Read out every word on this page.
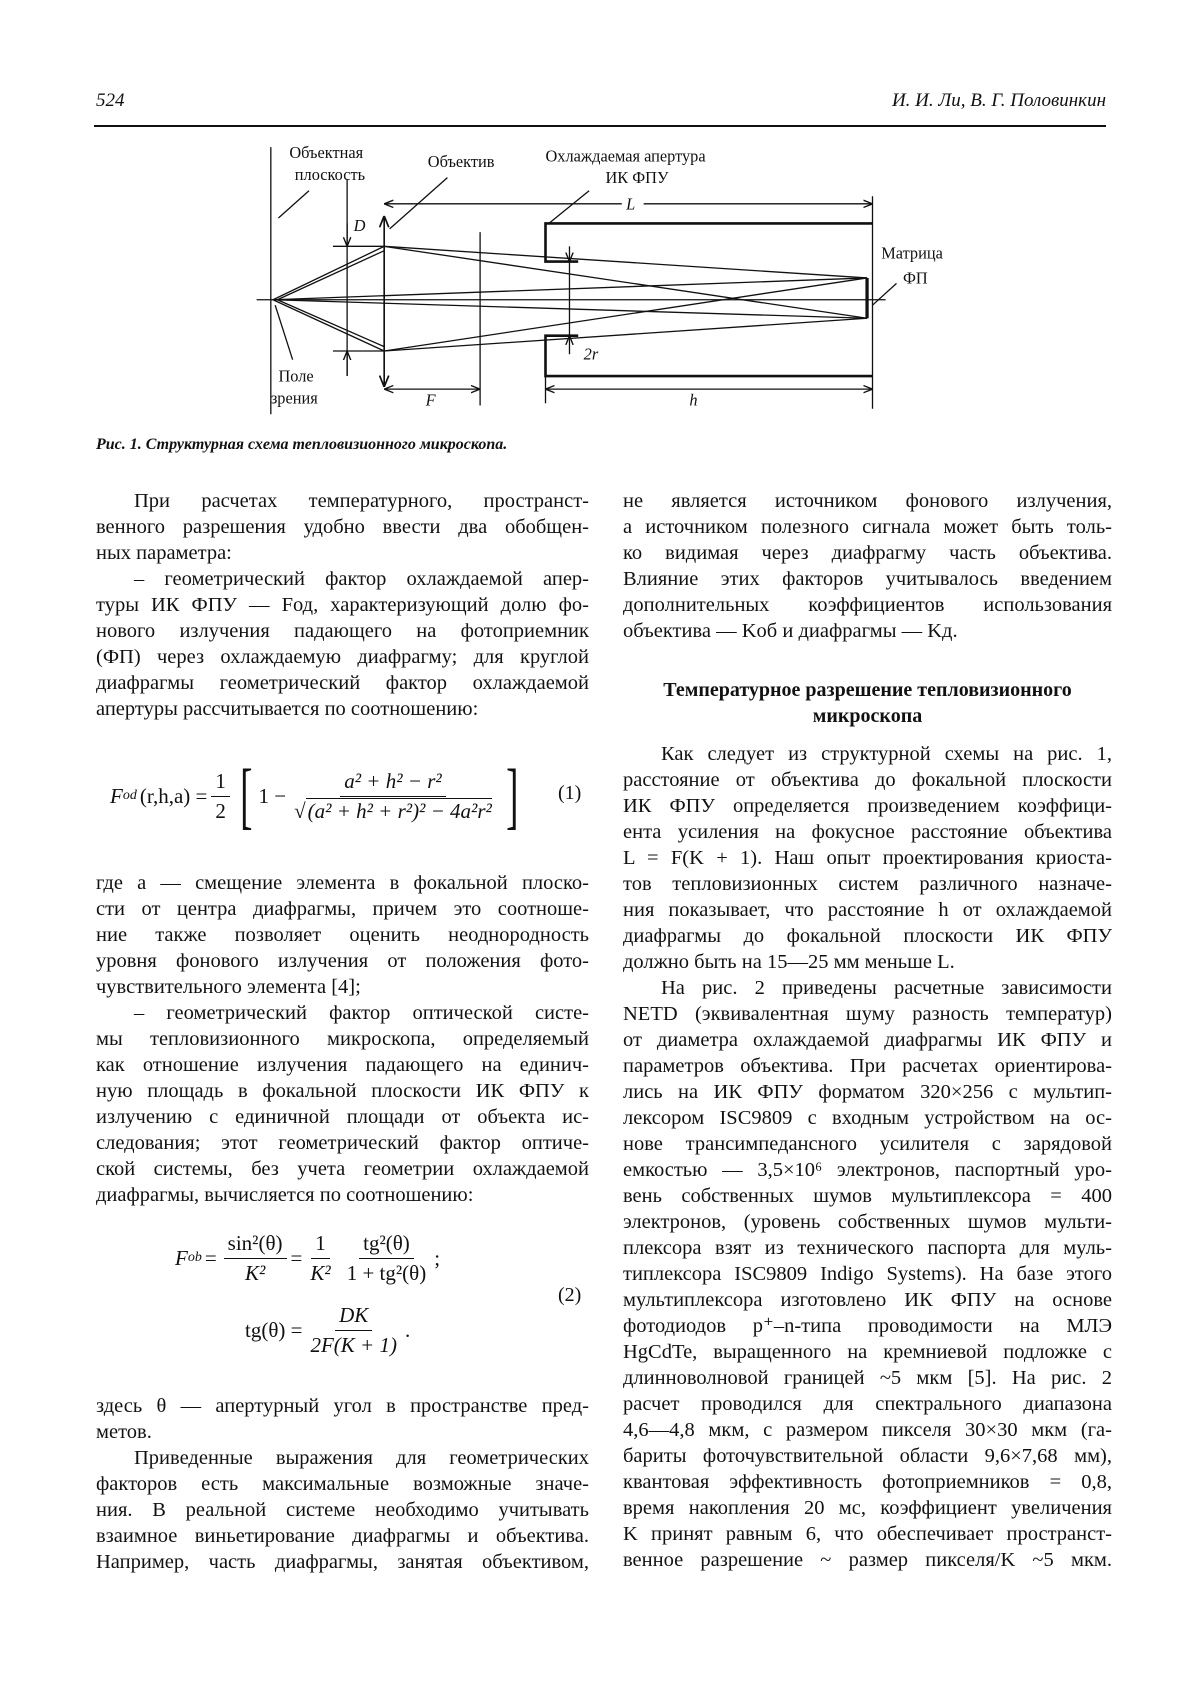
524	И. И. Ли, В. Г. Половинкин
Объектная
плоскость
Объектив	Охлаждаемая апертура
ИК ФПУ
Матрица
ФП
Поле
зрения
D
L
F	h
2r
Рис. 1. Структурная схема тепловизионного микроскопа.
При расчетах температурного, пространст-
венного разрешения удобно ввести два обобщен-
ных параметра:
– геометрический фактор охлаждаемой апер-
туры ИК ФПУ — Fод, характеризующий долю фо-
нового излучения падающего на фотоприемник
(ФП) через охлаждаемую диафрагму; для круглой
диафрагмы геометрический фактор охлаждаемой
апертуры рассчитывается по соотношению:
F od $(r,h,a) = \frac{1}{2}$ [ $1 - \frac{\text{a² + h² − r²}}{\text{√(a² + h² + r²)² − 4a²r²}}$ ] (1)
где a — смещение элемента в фокальной плоско-
сти от центра диафрагмы, причем это соотноше-
ние также позволяет оценить неоднородность
уровня фонового излучения от положения фото-
чувствительного элемента [4];
– геометрический фактор оптической систе-
мы тепловизионного микроскопа, определяемый
как отношение излучения падающего на единич-
ную площадь в фокальной плоскости ИК ФПУ к
излучению с единичной площади от объекта ис-
следования; этот геометрический фактор оптиче-
ской системы, без учета геометрии охлаждаемой
диафрагмы, вычисляется по соотношению:
F ob = $\frac{\text{sin²(θ)}}{\text{K²}} = \frac{1}{\text{K²}} \frac{\text{tg²(θ)}}{\text{1 + tg²(θ)}}$ ;
$tg(\theta) = \frac{DK}{2F(K + 1)}$ .
(2)
здесь θ — апертурный угол в пространстве пред-
метов.
Приведенные выражения для геометрических
факторов есть максимальные возможные значе-
ния. В реальной системе необходимо учитывать
взаимное виньетирование диафрагмы и объектива.
Например, часть диафрагмы, занятая объективом,
не является источником фонового излучения,
а источником полезного сигнала может быть толь-
ко видимая через диафрагму часть объектива.
Влияние этих факторов учитывалось введением
дополнительных коэффициентов использования
объектива — Kоб и диафрагмы — Kд.
Температурное разрешение тепловизионного
микроскопа
Как следует из структурной схемы на рис. 1,
расстояние от объектива до фокальной плоскости
ИК ФПУ определяется произведением коэффици-
ента усиления на фокусное расстояние объектива
L = F(K + 1). Наш опыт проектирования криоста-
тов тепловизионных систем различного назначе-
ния показывает, что расстояние h от охлаждаемой
диафрагмы до фокальной плоскости ИК ФПУ
должно быть на 15—25 мм меньше L.
На рис. 2 приведены расчетные зависимости
NETD (эквивалентная шуму разность температур)
от диаметра охлаждаемой диафрагмы ИК ФПУ и
параметров объектива. При расчетах ориентирова-
лись на ИК ФПУ форматом 320×256 с мультип-
лексором ISC9809 с входным устройством на ос-
нове трансимпедансного усилителя с зарядовой
емкостью — 3,5×10⁶ электронов, паспортный уро-
вень собственных шумов мультиплексора = 400
электронов, (уровень собственных шумов мульти-
плексора взят из технического паспорта для муль-
типлексора ISC9809 Indigo Systems). На базе этого
мультиплексора изготовлено ИК ФПУ на основе
фотодиодов p⁺–n-типа проводимости на МЛЭ
HgCdTe, выращенного на кремниевой подложке с
длинноволновой границей ~5 мкм [5]. На рис. 2
расчет проводился для спектрального диапазона
4,6—4,8 мкм, с размером пикселя 30×30 мкм (га-
бариты фоточувствительной области 9,6×7,68 мм),
квантовая эффективность фотоприемников = 0,8,
время накопления 20 мс, коэффициент увеличения
K принят равным 6, что обеспечивает пространст-
венное разрешение ~ размер пикселя/K ~5 мкм.
